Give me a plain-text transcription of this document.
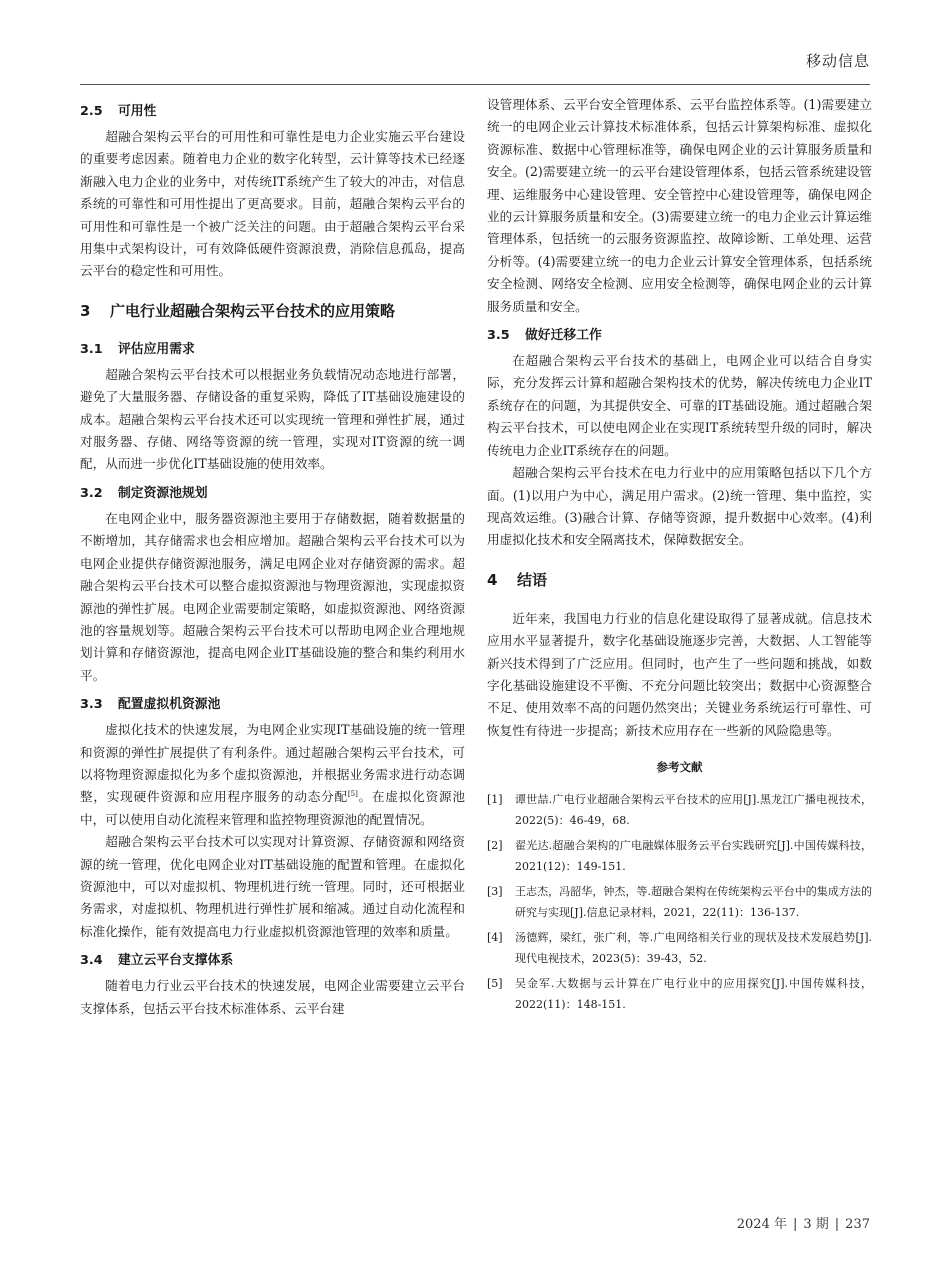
移动信息
2.5 可用性

超融合架构云平台的可用性和可靠性是电力企业实施云平台建设的重要考虑因素。随着电力企业的数字化转型，云计算等技术已经逐渐融入电力企业的业务中，对传统IT系统产生了较大的冲击，对信息系统的可靠性和可用性提出了更高要求。目前，超融合架构云平台的可用性和可靠性是一个被广泛关注的问题。由于超融合架构云平台采用集中式架构设计，可有效降低硬件资源浪费，消除信息孤岛，提高云平台的稳定性和可用性。

3 广电行业超融合架构云平台技术的应用策略
3.1 评估应用需求

超融合架构云平台技术可以根据业务负载情况动态地进行部署，避免了大量服务器、存储设备的重复采购，降低了IT基础设施建设的成本。超融合架构云平台技术还可以实现统一管理和弹性扩展，通过对服务器、存储、网络等资源的统一管理，实现对IT资源的统一调配，从而进一步优化IT基础设施的使用效率。

3.2 制定资源池规划

在电网企业中，服务器资源池主要用于存储数据，随着数据量的不断增加，其存储需求也会相应增加。超融合架构云平台技术可以为电网企业提供存储资源池服务，满足电网企业对存储资源的需求。超融合架构云平台技术可以整合虚拟资源池与物理资源池，实现虚拟资源池的弹性扩展。电网企业需要制定策略，如虚拟资源池、网络资源池的容量规划等。超融合架构云平台技术可以帮助电网企业合理地规划计算和存储资源池，提高电网企业IT基础设施的整合和集约利用水平。

3.3 配置虚拟机资源池

虚拟化技术的快速发展，为电网企业实现IT基础设施的统一管理和资源的弹性扩展提供了有利条件。通过超融合架构云平台技术，可以将物理资源虚拟化为多个虚拟资源池，并根据业务需求进行动态调整，实现硬件资源和应用程序服务的动态分配[5]。在虚拟化资源池中，可以使用自动化流程来管理和监控物理资源池的配置情况。

超融合架构云平台技术可以实现对计算资源、存储资源和网络资源的统一管理，优化电网企业对IT基础设施的配置和管理。在虚拟化资源池中，可以对虚拟机、物理机进行统一管理。同时，还可根据业务需求，对虚拟机、物理机进行弹性扩展和缩减。通过自动化流程和标准化操作，能有效提高电力行业虚拟机资源池管理的效率和质量。

3.4 建立云平台支撑体系

随着电力行业云平台技术的快速发展，电网企业需要建立云平台支撑体系，包括云平台技术标准体系、云平台建

设管理体系、云平台安全管理体系、云平台监控体系等。(1)需要建立统一的电网企业云计算技术标准体系，包括云计算架构标准、虚拟化资源标准、数据中心管理标准等，确保电网企业的云计算服务质量和安全。(2)需要建立统一的云平台建设管理体系，包括云管系统建设管理、运维服务中心建设管理、安全管控中心建设管理等，确保电网企业的云计算服务质量和安全。(3)需要建立统一的电力企业云计算运维管理体系，包括统一的云服务资源监控、故障诊断、工单处理、运营分析等。(4)需要建立统一的电力企业云计算安全管理体系，包括系统安全检测、网络安全检测、应用安全检测等，确保电网企业的云计算服务质量和安全。

3.5 做好迁移工作

在超融合架构云平台技术的基础上，电网企业可以结合自身实际，充分发挥云计算和超融合架构技术的优势，解决传统电力企业IT系统存在的问题，为其提供安全、可靠的IT基础设施。通过超融合架构云平台技术，可以使电网企业在实现IT系统转型升级的同时，解决传统电力企业IT系统存在的问题。

超融合架构云平台技术在电力行业中的应用策略包括以下几个方面。(1)以用户为中心，满足用户需求。(2)统一管理、集中监控，实现高效运维。(3)融合计算、存储等资源，提升数据中心效率。(4)利用虚拟化技术和安全隔离技术，保障数据安全。

4 结语

近年来，我国电力行业的信息化建设取得了显著成就。信息技术应用水平显著提升，数字化基础设施逐步完善，大数据、人工智能等新兴技术得到了广泛应用。但同时，也产生了一些问题和挑战，如数字化基础设施建设不平衡、不充分问题比较突出；数据中心资源整合不足、使用效率不高的问题仍然突出；关键业务系统运行可靠性、可恢复性有待进一步提高；新技术应用存在一些新的风险隐患等。

参考文献
[1]	谭世喆.广电行业超融合架构云平台技术的应用[J].黑龙江广播电视技术，2022(5)：46-49，68.
[2]	翟光达.超融合架构的广电融媒体服务云平台实践研究[J].中国传媒科技，2021(12)：149-151.
[3]	王志杰，冯韶华，钟杰，等.超融合架构在传统架构云平台中的集成方法的研究与实现[J].信息记录材料，2021，22(11)：136-137.
[4]	汤德辉，梁红，张广利，等.广电网络相关行业的现状及技术发展趋势[J].现代电视技术，2023(5)：39-43，52.
[5]	吴金军.大数据与云计算在广电行业中的应用探究[J].中国传媒科技，2022(11)：148-151.
2024 年 | 3 期 | 237
